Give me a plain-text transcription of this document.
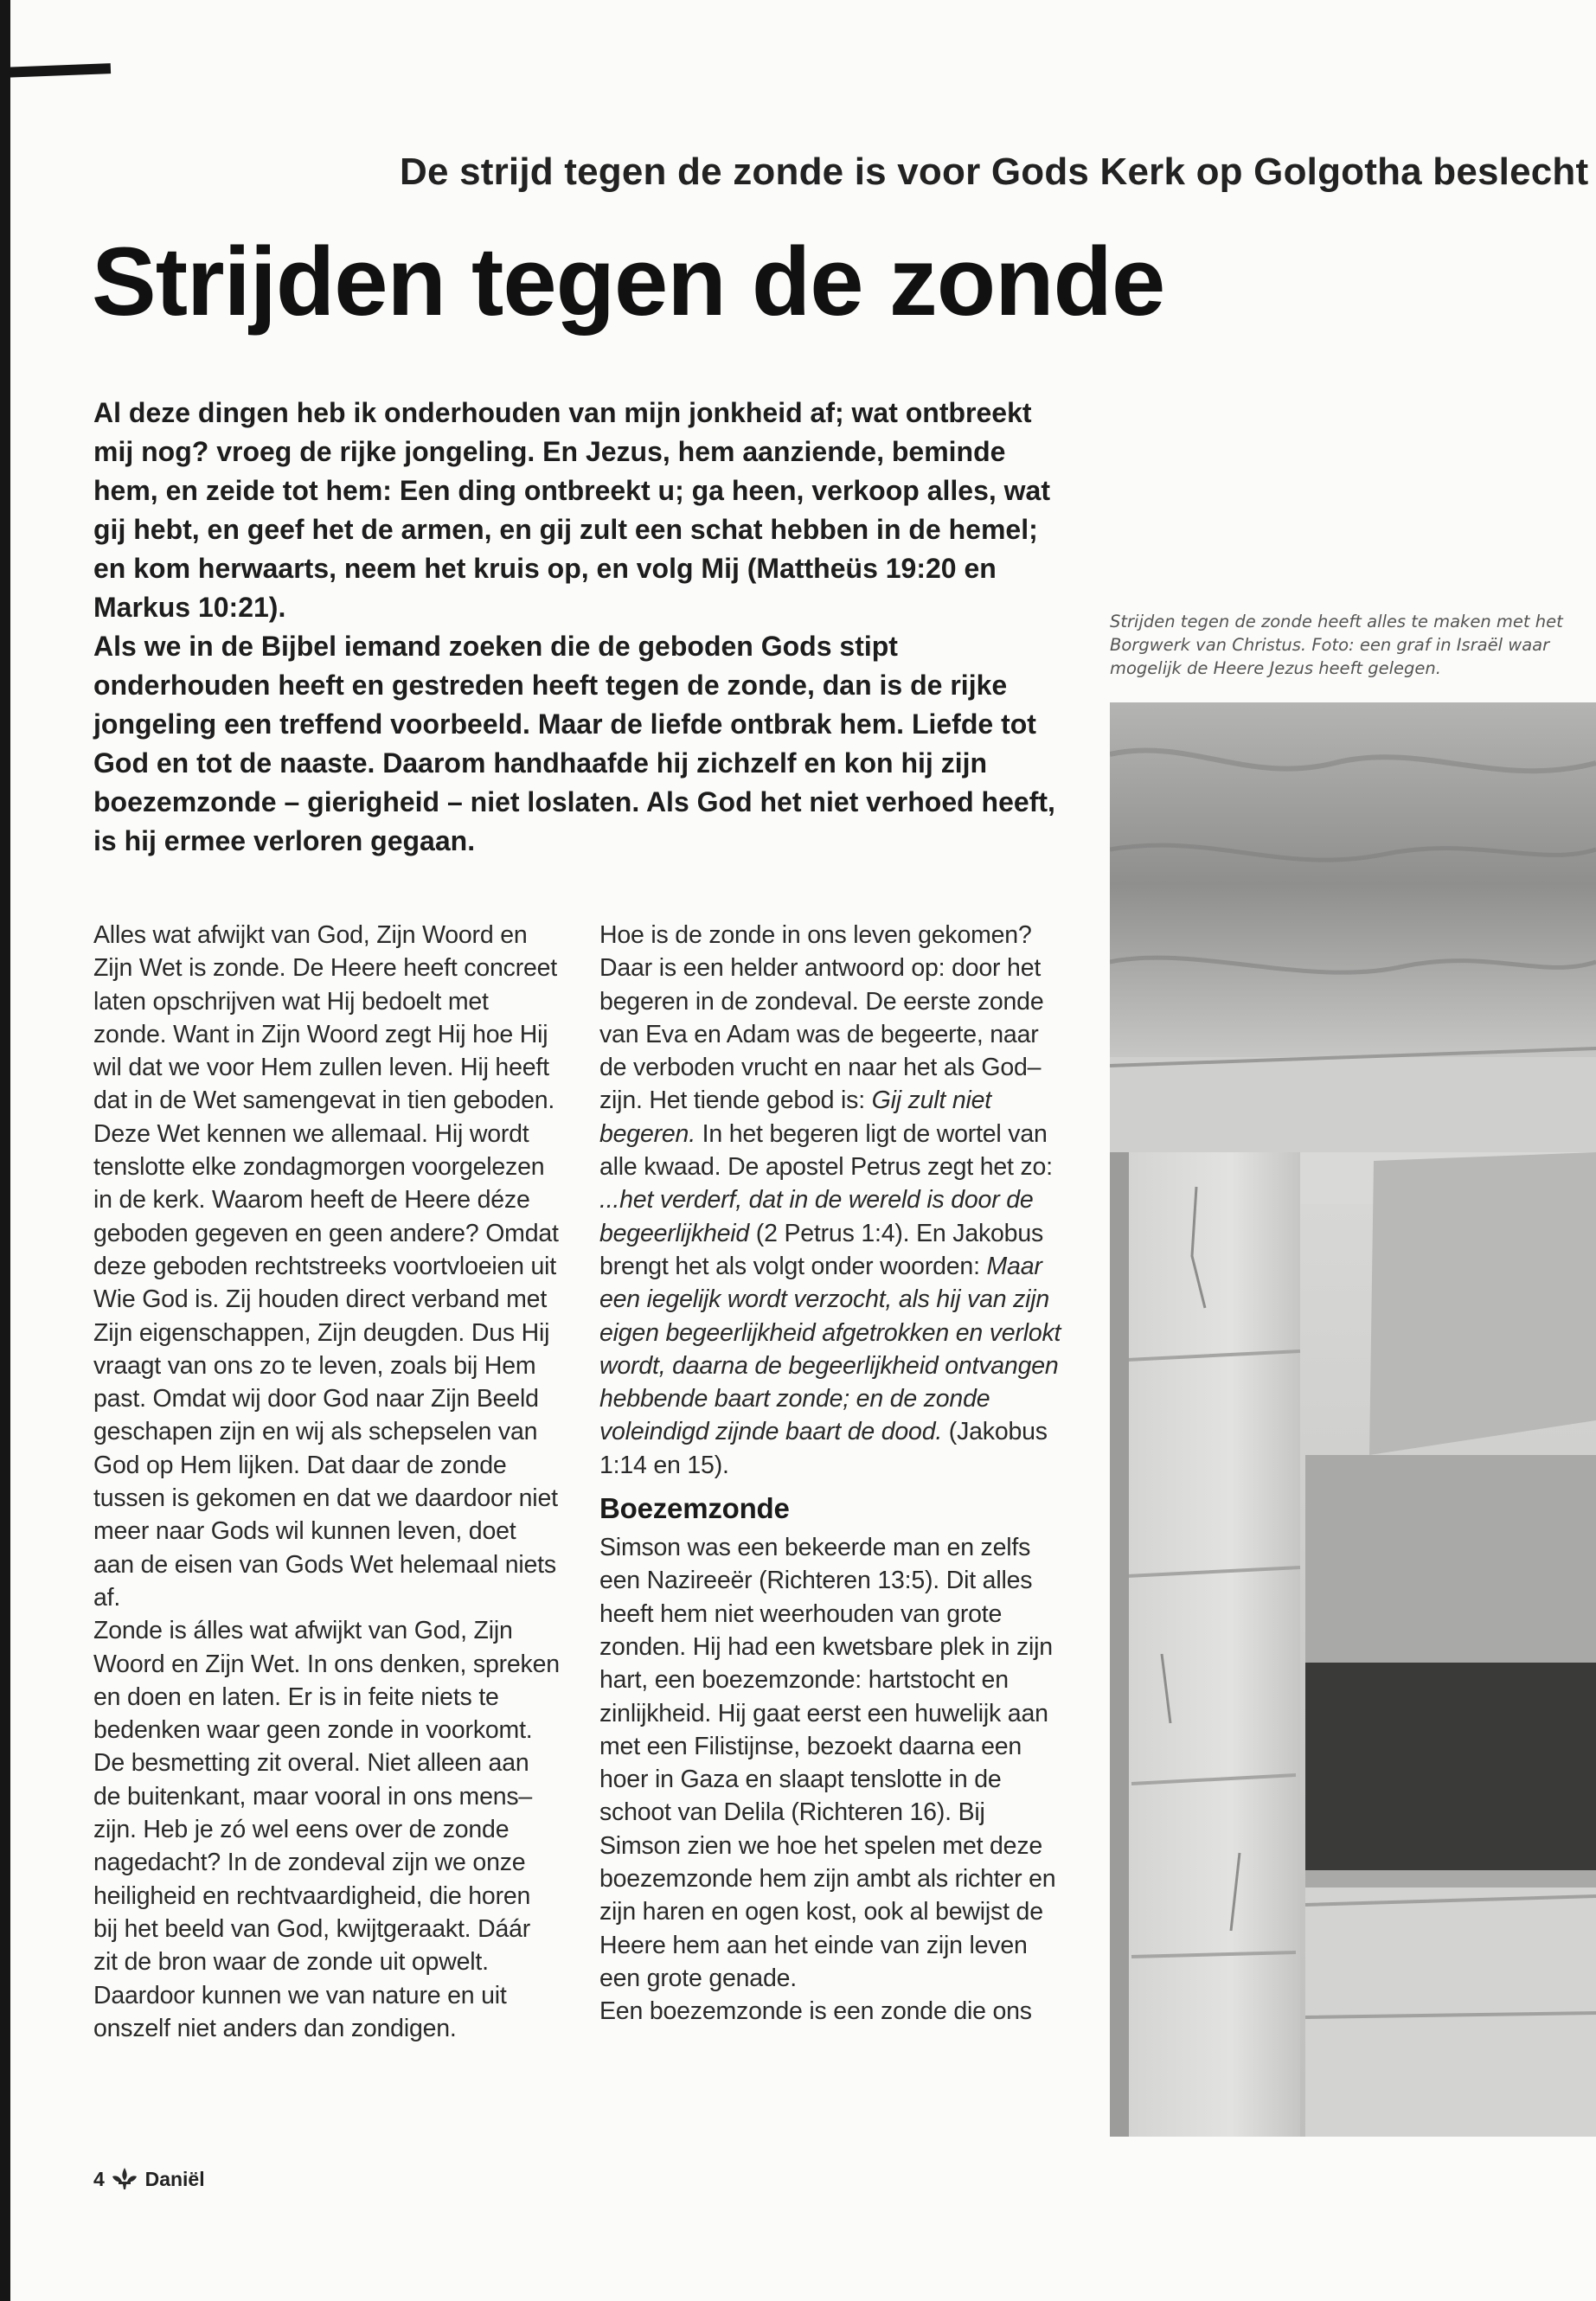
De strijd tegen de zonde is voor Gods Kerk op Golgotha beslecht
Strijden tegen de zonde

Al deze dingen heb ik onderhouden van mijn jonkheid af; wat ontbreekt mij nog? vroeg de rijke jongeling. En Jezus, hem aanziende, beminde hem, en zeide tot hem: Een ding ontbreekt u; ga heen, verkoop alles, wat gij hebt, en geef het de armen, en gij zult een schat hebben in de hemel; en kom herwaarts, neem het kruis op, en volg Mij (Mattheüs 19:20 en Markus 10:21).

Als we in de Bijbel iemand zoeken die de geboden Gods stipt onderhouden heeft en gestreden heeft tegen de zonde, dan is de rijke jongeling een treffend voorbeeld. Maar de liefde ontbrak hem. Liefde tot God en tot de naaste. Daarom handhaafde hij zichzelf en kon hij zijn boezemzonde – gierigheid – niet loslaten. Als God het niet verhoed heeft, is hij ermee verloren gegaan.

Alles wat afwijkt van God, Zijn Woord en Zijn Wet is zonde. De Heere heeft concreet laten opschrijven wat Hij bedoelt met zonde. Want in Zijn Woord zegt Hij hoe Hij wil dat we voor Hem zullen leven. Hij heeft dat in de Wet samengevat in tien geboden. Deze Wet kennen we allemaal. Hij wordt tenslotte elke zondagmorgen voorgelezen in de kerk. Waarom heeft de Heere déze geboden gegeven en geen andere? Omdat deze geboden rechtstreeks voortvloeien uit Wie God is. Zij houden direct verband met Zijn eigenschappen, Zijn deugden. Dus Hij vraagt van ons zo te leven, zoals bij Hem past. Omdat wij door God naar Zijn Beeld geschapen zijn en wij als schepselen van God op Hem lijken. Dat daar de zonde tussen is gekomen en dat we daardoor niet meer naar Gods wil kunnen leven, doet aan de eisen van Gods Wet helemaal niets af.

Zonde is álles wat afwijkt van God, Zijn Woord en Zijn Wet. In ons denken, spreken en doen en laten. Er is in feite niets te bedenken waar geen zonde in voorkomt. De besmetting zit overal. Niet alleen aan de buitenkant, maar vooral in ons mens–zijn. Heb je zó wel eens over de zonde nagedacht? In de zondeval zijn we onze heiligheid en rechtvaardigheid, die horen bij het beeld van God, kwijtgeraakt. Dáár zit de bron waar de zonde uit opwelt. Daardoor kunnen we van nature en uit onszelf niet anders dan zondigen.

Hoe is de zonde in ons leven gekomen? Daar is een helder antwoord op: door het begeren in de zondeval. De eerste zonde van Eva en Adam was de begeerte, naar de verboden vrucht en naar het als God–zijn. Het tiende gebod is: Gij zult niet begeren. In het begeren ligt de wortel van alle kwaad. De apostel Petrus zegt het zo: ...het verderf, dat in de wereld is door de begeerlijkheid (2 Petrus 1:4). En Jakobus brengt het als volgt onder woorden: Maar een iegelijk wordt verzocht, als hij van zijn eigen begeerlijkheid afgetrokken en verlokt wordt, daarna de begeerlijkheid ontvangen hebbende baart zonde; en de zonde voleindigd zijnde baart de dood. (Jakobus 1:14 en 15).

Boezemzonde

Simson was een bekeerde man en zelfs een Nazireeër (Richteren 13:5). Dit alles heeft hem niet weerhouden van grote zonden. Hij had een kwetsbare plek in zijn hart, een boezemzonde: hartstocht en zinlijkheid. Hij gaat eerst een huwelijk aan met een Filistijnse, bezoekt daarna een hoer in Gaza en slaapt tenslotte in de schoot van Delila (Richteren 16). Bij Simson zien we hoe het spelen met deze boezemzonde hem zijn ambt als richter en zijn haren en ogen kost, ook al bewijst de Heere hem aan het einde van zijn leven een grote genade.

Een boezemzonde is een zonde die ons

Strijden tegen de zonde heeft alles te maken met het Borgwerk van Christus. Foto: een graf in Israël waar mogelijk de Heere Jezus heeft gelegen.

4 Daniël
